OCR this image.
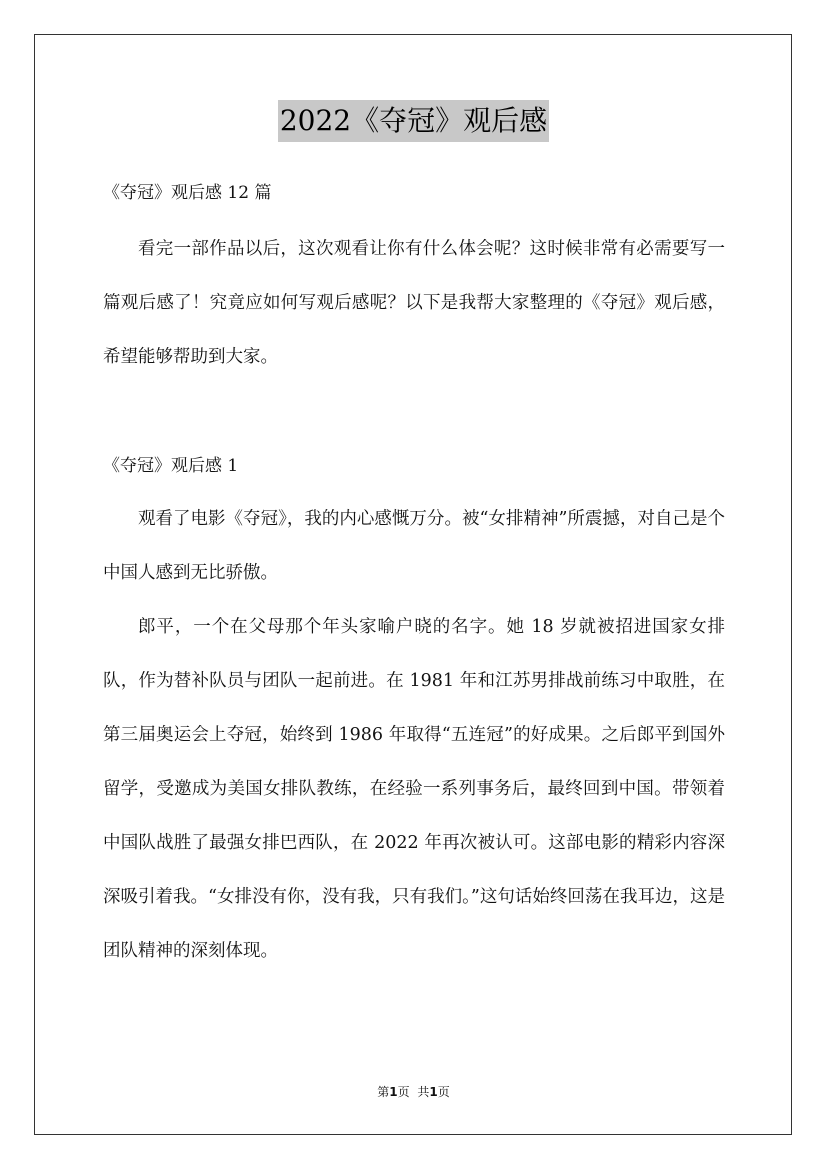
2022《夺冠》观后感
《夺冠》观后感 12 篇

看完一部作品以后，这次观看让你有什么体会呢？这时候非常有必需要写一篇观后感了！究竟应如何写观后感呢？以下是我帮大家整理的《夺冠》观后感，希望能够帮助到大家。

《夺冠》观后感 1

观看了电影《夺冠》，我的内心感慨万分。被“女排精神”所震撼，对自己是个中国人感到无比骄傲。

郎平，一个在父母那个年头家喻户晓的名字。她 18 岁就被招进国家女排队，作为替补队员与团队一起前进。在 1981 年和江苏男排战前练习中取胜，在第三届奥运会上夺冠，始终到 1986 年取得“五连冠”的好成果。之后郎平到国外留学，受邀成为美国女排队教练，在经验一系列事务后，最终回到中国。带领着中国队战胜了最强女排巴西队，在 2022 年再次被认可。这部电影的精彩内容深深吸引着我。“女排没有你，没有我，只有我们。”这句话始终回荡在我耳边，这是团队精神的深刻体现。

第1页 共1页
